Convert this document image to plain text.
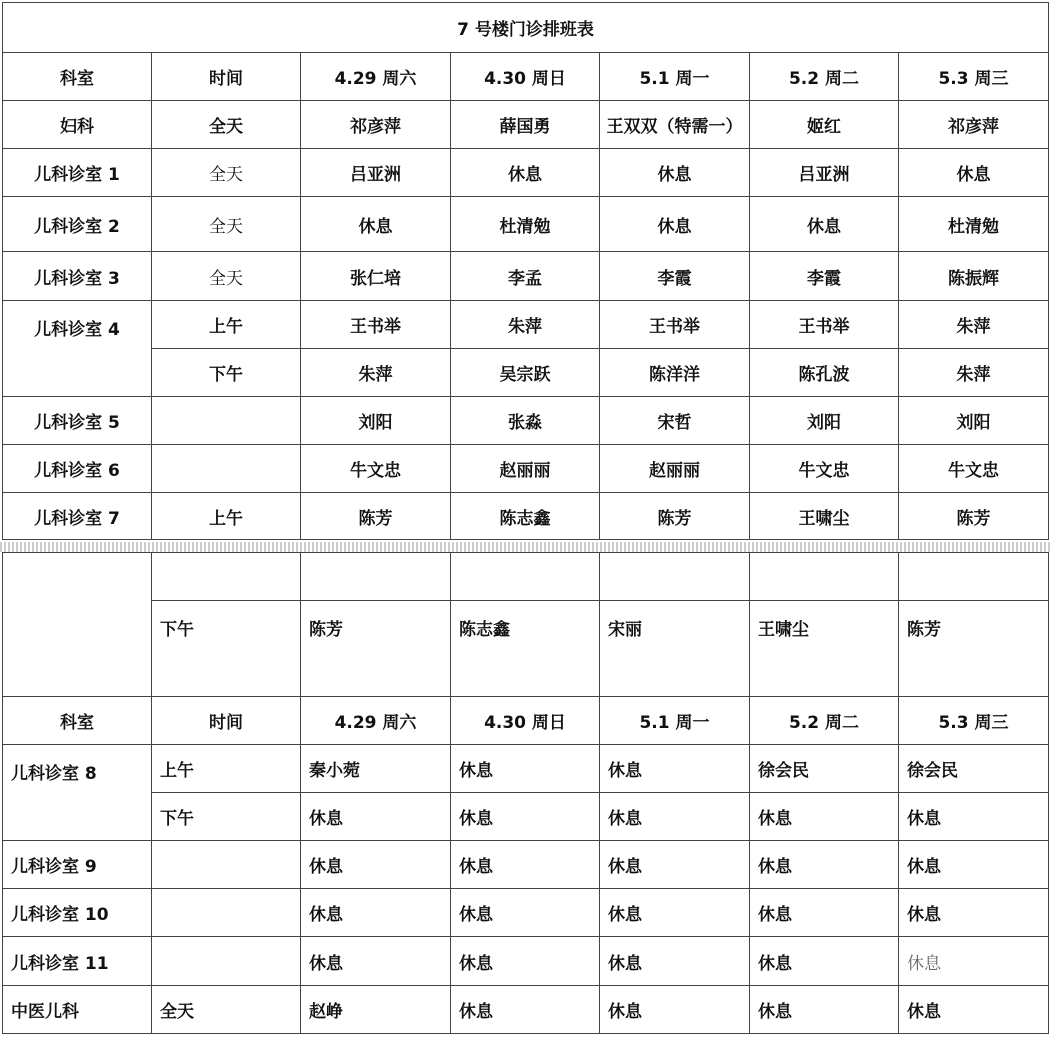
7 号楼门诊排班表						
科室	时间	4.29 周六	4.30 周日	5.1 周一	5.2 周二	5.3 周三
妇科	全天	祁彦萍	薛国勇	王双双（特需一）	姬红	祁彦萍
儿科诊室 1	全天	吕亚洲	休息	休息	吕亚洲	休息
儿科诊室 2	全天	休息	杜清勉	休息	休息	杜清勉
儿科诊室 3	全天	张仁培	李孟	李霞	李霞	陈振辉
儿科诊室 4	上午	王书举	朱萍	王书举	王书举	朱萍
	下午	朱萍	吴宗跃	陈洋洋	陈孔波	朱萍
儿科诊室 5		刘阳	张淼	宋哲	刘阳	刘阳
儿科诊室 6		牛文忠	赵丽丽	赵丽丽	牛文忠	牛文忠
儿科诊室 7	上午	陈芳	陈志鑫	陈芳	王啸尘	陈芳

	下午	陈芳	陈志鑫	宋丽	王啸尘	陈芳
科室	时间	4.29 周六	4.30 周日	5.1 周一	5.2 周二	5.3 周三
儿科诊室 8	上午	秦小菀	休息	休息	徐会民	徐会民
	下午	休息	休息	休息	休息	休息
儿科诊室 9		休息	休息	休息	休息	休息
儿科诊室 10		休息	休息	休息	休息	休息
儿科诊室 11		休息	休息	休息	休息	休息
中医儿科	全天	赵峥	休息	休息	休息	休息
